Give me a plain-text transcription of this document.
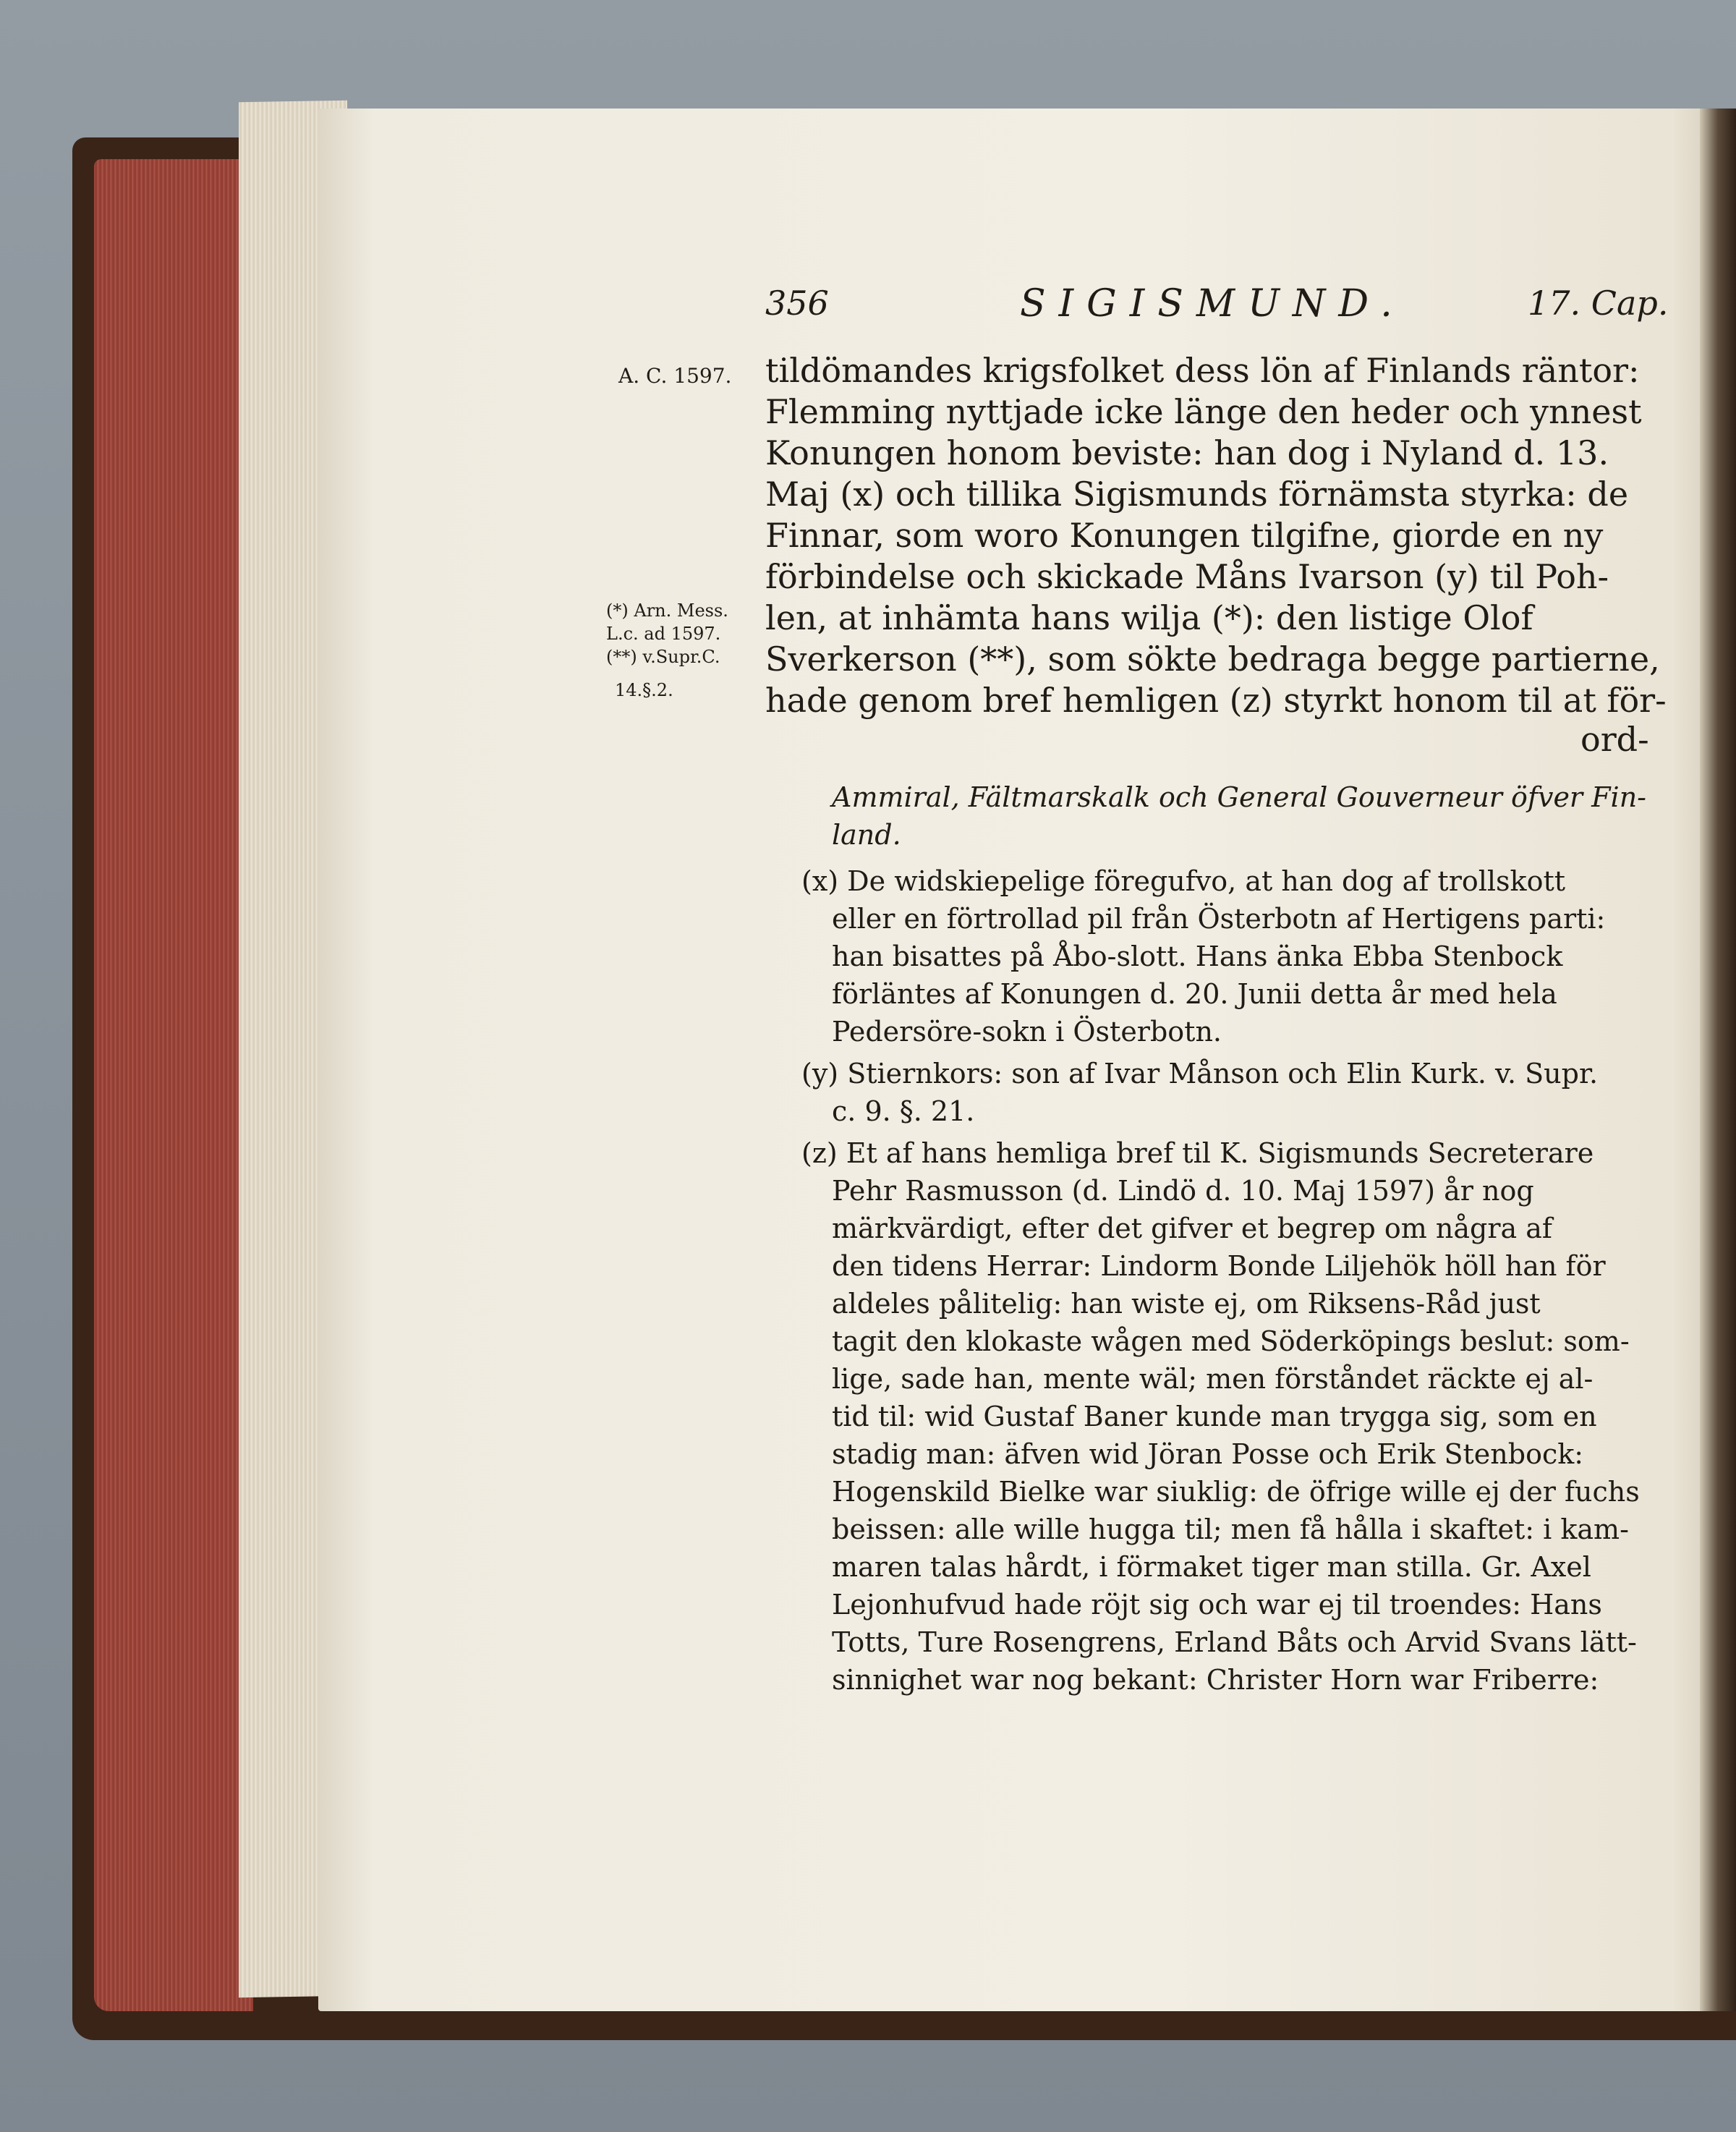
356	SIGISMUND.	17. Cap.
A. C. 1597.
(*) Arn. Mess.
L.c. ad 1597.
(**) v.Supr.C.
14.§.2.
tildömandes krigsfolket dess lön af Finlands räntor:
Flemming nyttjade icke länge den heder och ynnest
Konungen honom beviste: han dog i Nyland d. 13.
Maj (x) och tillika Sigismunds förnämsta styrka: de
Finnar, som woro Konungen tilgifne, giorde en ny
förbindelse och skickade Måns Ivarson (y) til Poh-
len, at inhämta hans wilja (*): den listige Olof
Sverkerson (**), som sökte bedraga begge partierne,
hade genom bref hemligen (z) styrkt honom til at för-
ord-
Ammiral, Fältmarskalk och General Gouverneur öfver Fin-
land.
(x) De widskiepelige föregufvo, at han dog af trollskott
eller en förtrollad pil från Österbotn af Hertigens parti:
han bisattes på Åbo-slott. Hans änka Ebba Stenbock
förläntes af Konungen d. 20. Junii detta år med hela
Pedersöre-sokn i Österbotn.
(y) Stiernkors: son af Ivar Månson och Elin Kurk. v. Supr.
c. 9. §. 21.
(z) Et af hans hemliga bref til K. Sigismunds Secreterare
Pehr Rasmusson (d. Lindö d. 10. Maj 1597) år nog
märkvärdigt, efter det gifver et begrep om några af
den tidens Herrar: Lindorm Bonde Liljehök höll han för
aldeles pålitelig: han wiste ej, om Riksens-Råd just
tagit den klokaste wågen med Söderköpings beslut: som-
lige, sade han, mente wäl; men förståndet räckte ej al-
tid til: wid Gustaf Baner kunde man trygga sig, som en
stadig man: äfven wid Jöran Posse och Erik Stenbock:
Hogenskild Bielke war siuklig: de öfrige wille ej der fuchs
beissen: alle wille hugga til; men få hålla i skaftet: i kam-
maren talas hårdt, i förmaket tiger man stilla. Gr. Axel
Lejonhufvud hade röjt sig och war ej til troendes: Hans
Totts, Ture Rosengrens, Erland Båts och Arvid Svans lätt-
sinnighet war nog bekant: Christer Horn war Friberre:
